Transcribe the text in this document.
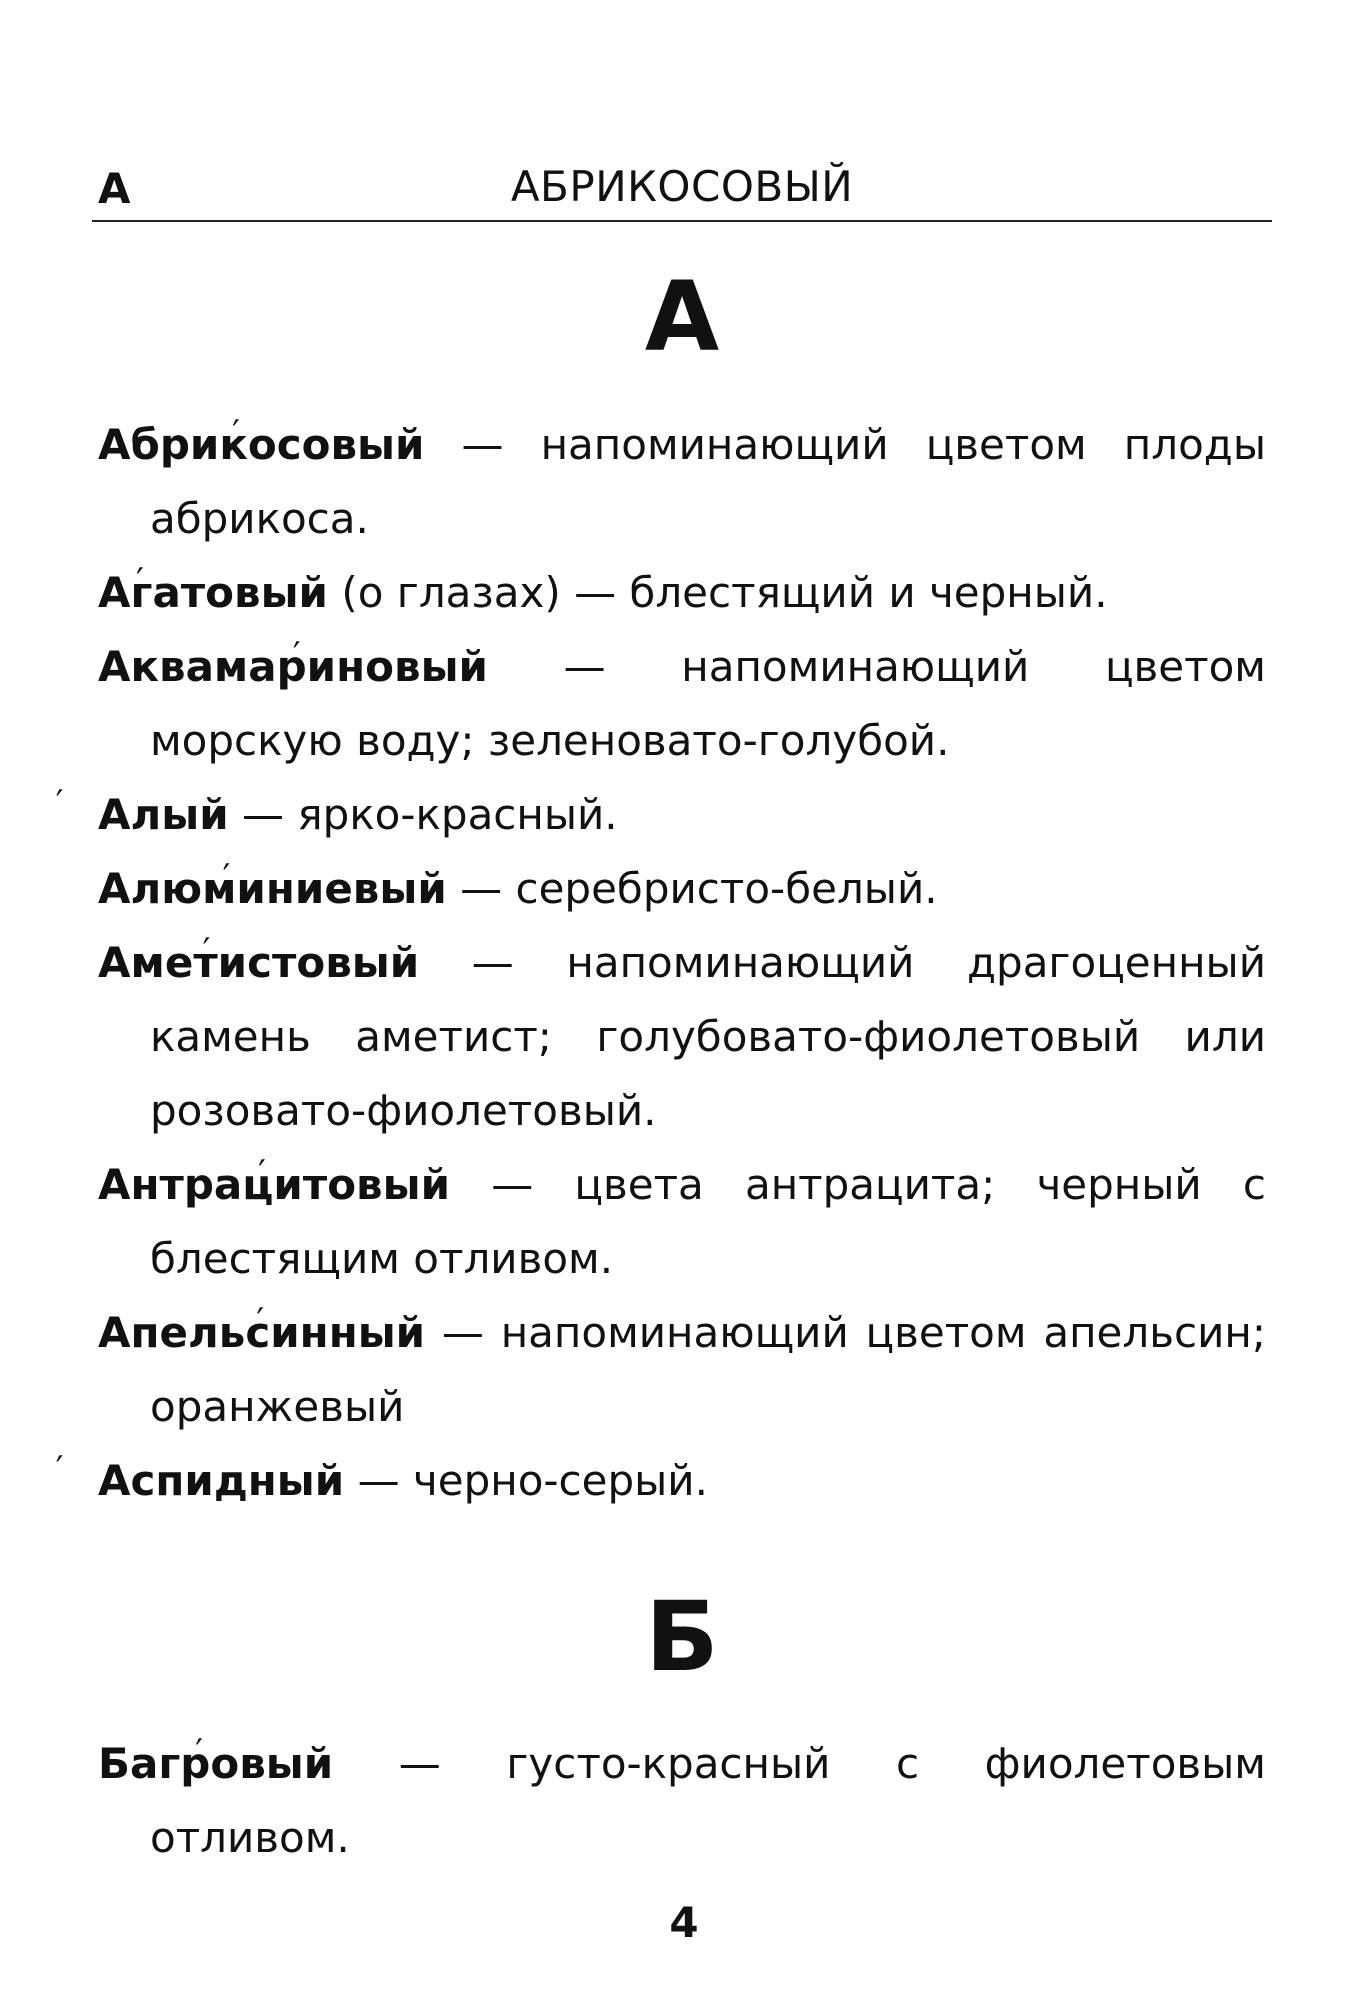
А	АБРИКОСОВЫЙ
А

Абрикос ′овый — напоминающий цветом плоды абрикоса.

Агат ′овый (о глазах) — блестящий и черный.

Аквамарин ′овый — напоминающий цветом морскую воду; зеленовато-голубой.

А ′лый — ярко-красный.

Алюмин ′иевый — серебристо-белый.

Аметис ′товый — напоминающий драгоценный камень аметист; голубовато-фиолетовый или розовато-фиолетовый.

Антрацит ′овый — цвета антрацита; черный с блестящим отливом.

Апельсин ′ный — напоминающий цветом апельсин; оранжевый

А ′спидный — черно-серый.

Б

Багров ′ый — густо-красный с фиолетовым отливом.

4
